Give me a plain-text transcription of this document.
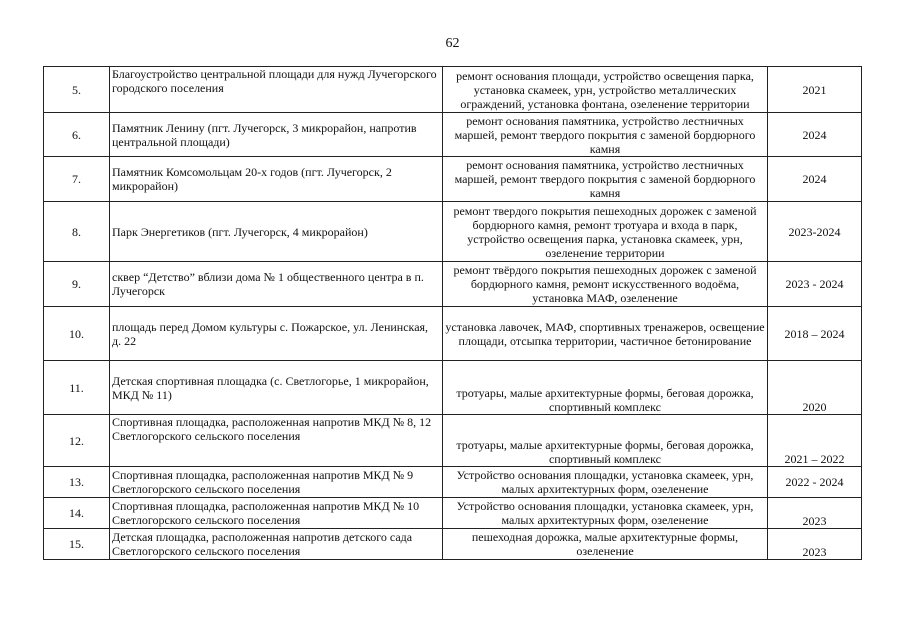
62
5.	Благоустройство центральной площади для нужд Лучегорского городского поселения	ремонт основания площади, устройство освещения парка, установка скамеек, урн, устройство металлических ограждений, установка фонтана, озеленение территории	2021
6.	Памятник Ленину (пгт. Лучегорск, 3 микрорайон, напротив центральной площади)	ремонт основания памятника, устройство лестничных маршей, ремонт твердого покрытия с заменой бордюрного камня	2024
7.	Памятник Комсомольцам 20-х годов (пгт. Лучегорск, 2 микрорайон)	ремонт основания памятника, устройство лестничных маршей, ремонт твердого покрытия с заменой бордюрного камня	2024
8.	Парк Энергетиков (пгт. Лучегорск, 4 микрорайон)	ремонт твердого покрытия пешеходных дорожек с заменой бордюрного камня, ремонт тротуара и входа в парк, устройство освещения парка, установка скамеек, урн, озеленение территории	2023-2024
9.	сквер “Детство” вблизи дома № 1 общественного центра в п. Лучегорск	ремонт твёрдого покрытия пешеходных дорожек с заменой бордюрного камня, ремонт искусственного водоёма, установка МАФ, озеленение	2023 - 2024
10.	площадь перед Домом культуры с. Пожарское, ул. Ленинская, д. 22	установка лавочек, МАФ, спортивных тренажеров, освещение площади, отсыпка территории, частичное бетонирование	2018 – 2024
11.	Детская спортивная площадка (с. Светлогорье, 1 микрорайон, МКД № 11)	тротуары, малые архитектурные формы, беговая дорожка, спортивный комплекс	2020
12.	Спортивная площадка, расположенная напротив МКД № 8, 12 Светлогорского сельского поселения	тротуары, малые архитектурные формы, беговая дорожка, спортивный комплекс	2021 – 2022
13.	Спортивная площадка, расположенная напротив МКД № 9 Светлогорского сельского поселения	Устройство основания площадки, установка скамеек, урн, малых архитектурных форм, озеленение	2022 - 2024
14.	Спортивная площадка, расположенная напротив МКД № 10 Светлогорского сельского поселения	Устройство основания площадки, установка скамеек, урн, малых архитектурных форм, озеленение	2023
15.	Детская площадка, расположенная напротив детского сада Светлогорского сельского поселения	пешеходная дорожка, малые архитектурные формы, озеленение	2023
